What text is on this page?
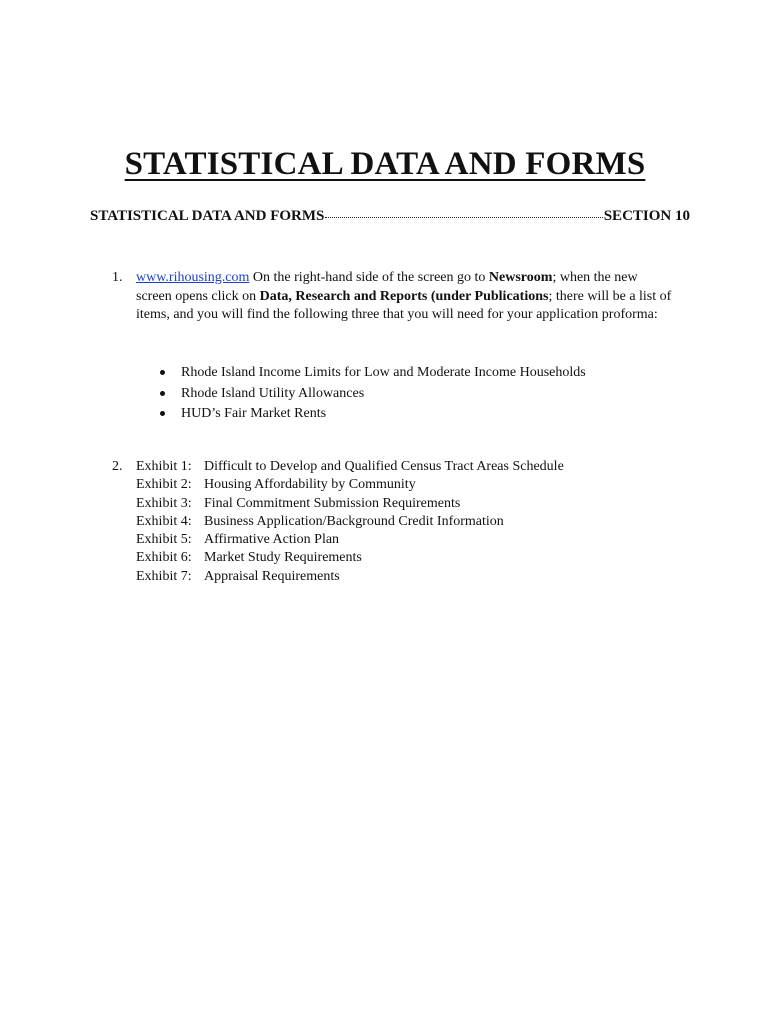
STATISTICAL DATA AND FORMS
STATISTICAL DATA AND FORMS	SECTION 10
1. www.rihousing.com On the right-hand side of the screen go to Newsroom; when the new screen opens click on Data, Research and Reports (under Publications; there will be a list of items, and you will find the following three that you will need for your application proforma:
Rhode Island Income Limits for Low and Moderate Income Households
Rhode Island Utility Allowances
HUD’s Fair Market Rents
2. Exhibit 1: Difficult to Develop and Qualified Census Tract Areas Schedule
Exhibit 2: Housing Affordability by Community
Exhibit 3: Final Commitment Submission Requirements
Exhibit 4: Business Application/Background Credit Information
Exhibit 5: Affirmative Action Plan
Exhibit 6: Market Study Requirements
Exhibit 7: Appraisal Requirements
